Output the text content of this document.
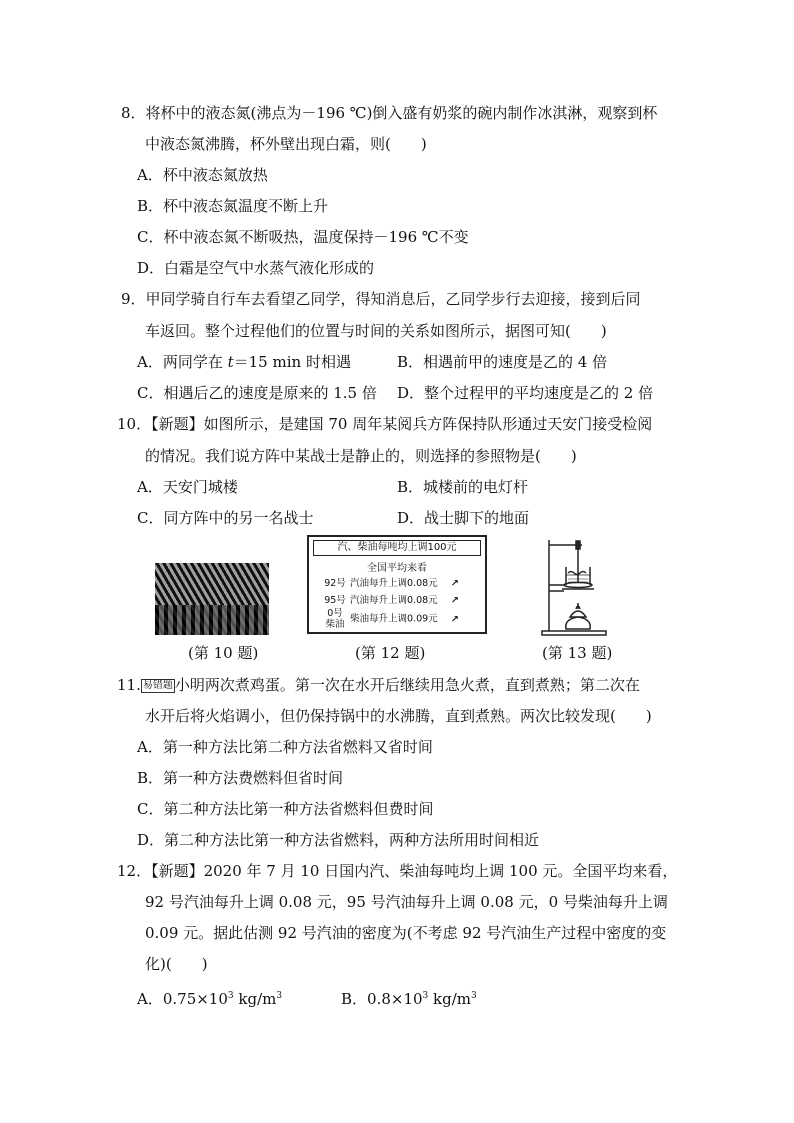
8．将杯中的液态氮(沸点为－196 ℃)倒入盛有奶浆的碗内制作冰淇淋，观察到杯
中液态氮沸腾，杯外壁出现白霜，则(　　)
A．杯中液态氮放热
B．杯中液态氮温度不断上升
C．杯中液态氮不断吸热，温度保持－196 ℃不变
D．白霜是空气中水蒸气液化形成的
9．甲同学骑自行车去看望乙同学，得知消息后，乙同学步行去迎接，接到后同
车返回。整个过程他们的位置与时间的关系如图所示，据图可知(　　)
A．两同学在 t＝15 min 时相遇	B．相遇前甲的速度是乙的 4 倍
C．相遇后乙的速度是原来的 1.5 倍 D．整个过程甲的平均速度是乙的 2 倍
10．【新题】如图所示，是建国 70 周年某阅兵方阵保持队形通过天安门接受检阅
的情况。我们说方阵中某战士是静止的，则选择的参照物是(　　)
A．天安门城楼	B．城楼前的电灯杆
C．同方阵中的另一名战士	D．战士脚下的地面
(第 10 题)
汽、柴油每吨均上调100元
全国平均来看
92号 汽油每升上调0.08元 ↗
95号 汽油每升上调0.08元 ↗
0号
柴油 柴油每升上调0.09元 ↗
(第 12 题)	(第 13 题)
11. 易错题 小明两次煮鸡蛋。第一次在水开后继续用急火煮，直到煮熟；第二次在
水开后将火焰调小，但仍保持锅中的水沸腾，直到煮熟。两次比较发现(　　)
A．第一种方法比第二种方法省燃料又省时间
B．第一种方法费燃料但省时间
C．第二种方法比第一种方法省燃料但费时间
D．第二种方法比第一种方法省燃料，两种方法所用时间相近
12．【新题】2020 年 7 月 10 日国内汽、柴油每吨均上调 100 元。全国平均来看，
92 号汽油每升上调 0.08 元，95 号汽油每升上调 0.08 元，0 号柴油每升上调
0.09 元。据此估测 92 号汽油的密度为(不考虑 92 号汽油生产过程中密度的变
化)(　　)
A．$0.75\times 10^3$ $kg/m^3$	B．$0.8\times 10^3$ $kg/m^3$
